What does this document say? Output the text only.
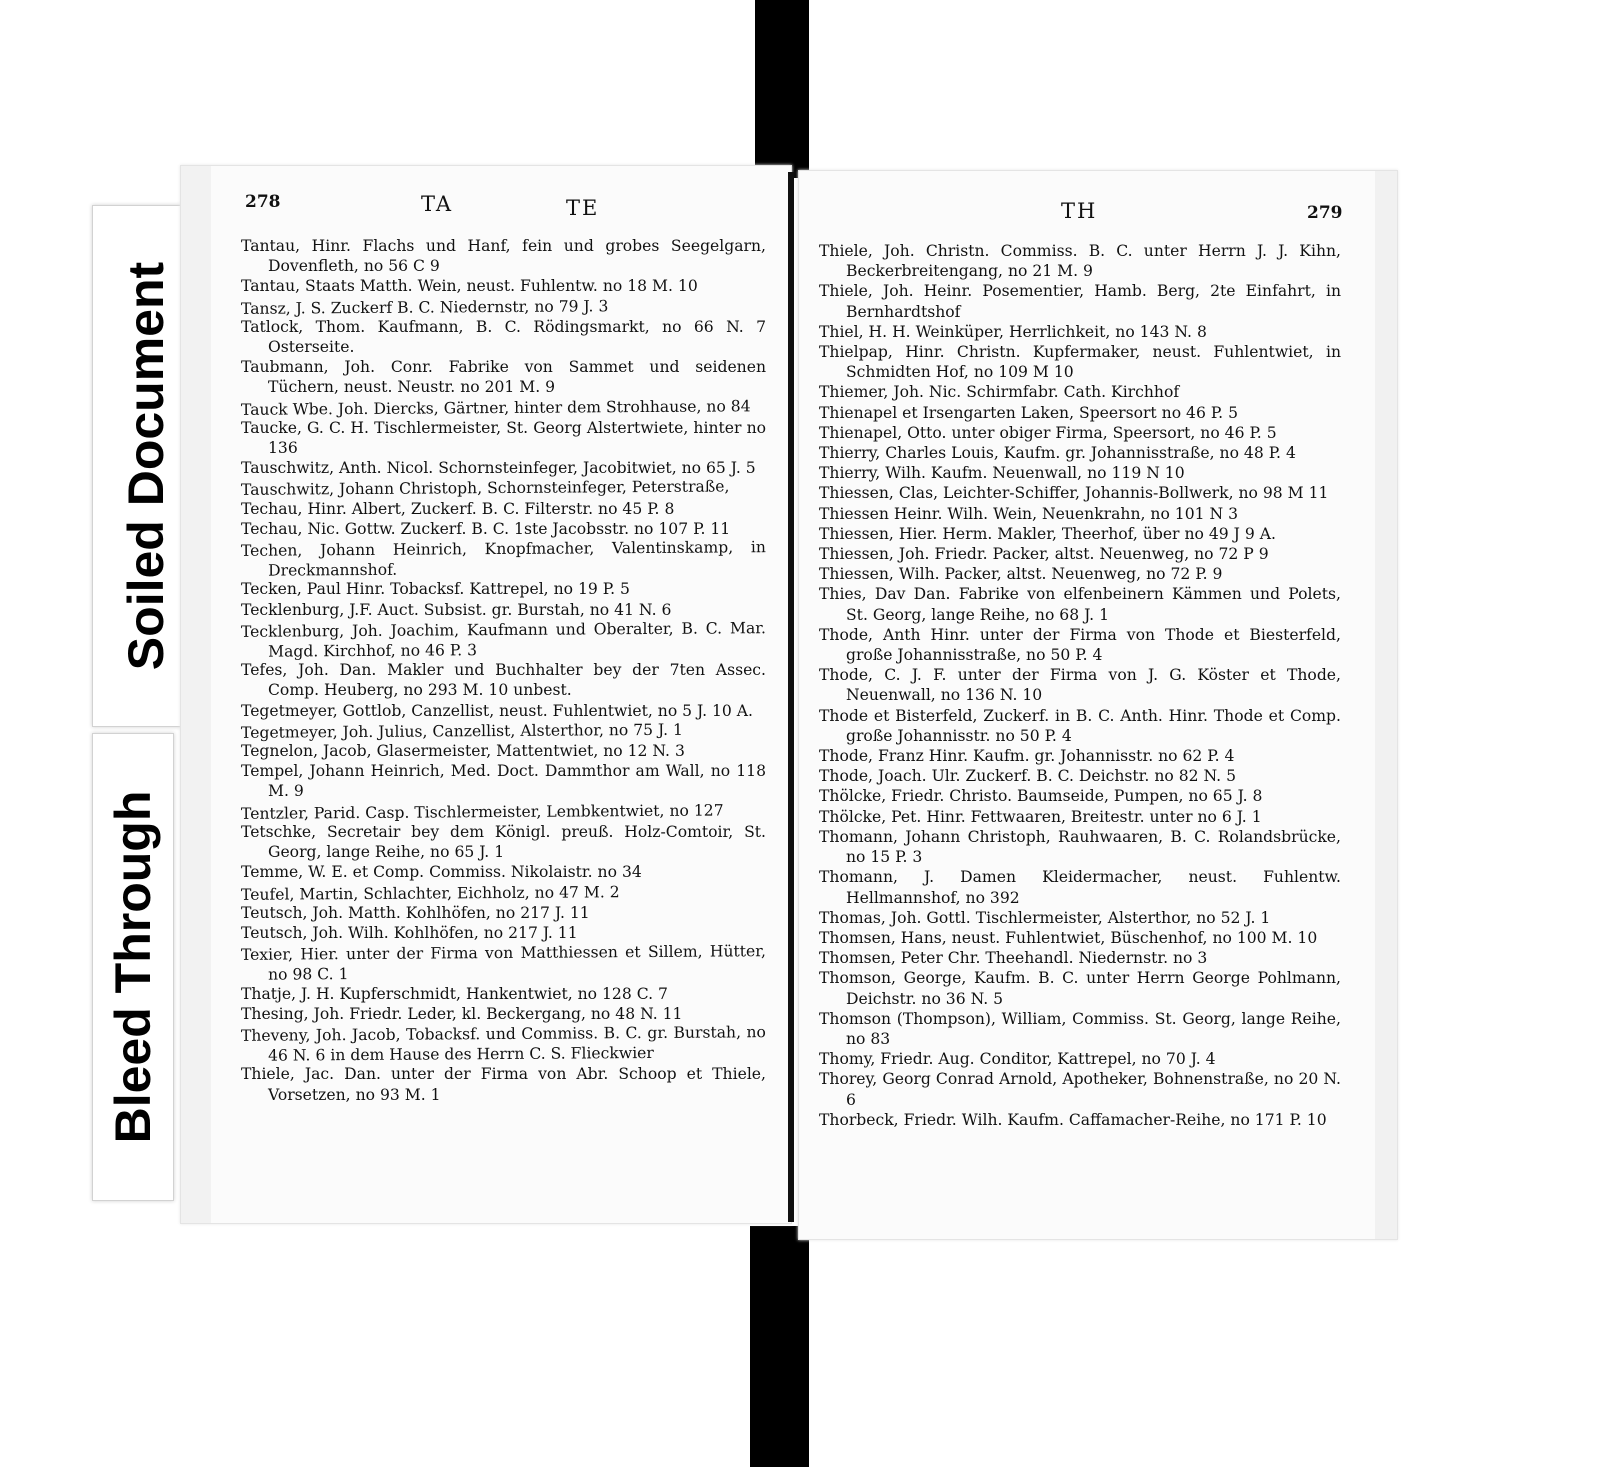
Soiled Document
Bleed Through
278	TA	TE

Tantau, Hinr. Flachs und Hanf, fein und grobes Seegelgarn, Dovenfleth, no 56 C 9

Tantau, Staats Matth. Wein, neust. Fuhlentw. no 18 M. 10

Tansz, J. S. Zuckerf B. C. Niedernstr, no 79 J. 3

Tatlock, Thom. Kaufmann, B. C. Rödingsmarkt, no 66 N. 7 Osterseite.

Taubmann, Joh. Conr. Fabrike von Sammet und seidenen Tüchern, neust. Neustr. no 201 M. 9

Tauck Wbe. Joh. Diercks, Gärtner, hinter dem Strohhause, no 84

Taucke, G. C. H. Tischlermeister, St. Georg Alstertwiete, hinter no 136

Tauschwitz, Anth. Nicol. Schornsteinfeger, Jacobitwiet, no 65 J. 5

Tauschwitz, Johann Christoph, Schornsteinfeger, Peterstraße,

Techau, Hinr. Albert, Zuckerf. B. C. Filterstr. no 45 P. 8

Techau, Nic. Gottw. Zuckerf. B. C. 1ste Jacobsstr. no 107 P. 11

Techen, Johann Heinrich, Knopfmacher, Valentinskamp, in Dreckmannshof.

Tecken, Paul Hinr. Tobacksf. Kattrepel, no 19 P. 5

Tecklenburg, J.F. Auct. Subsist. gr. Burstah, no 41 N. 6

Tecklenburg, Joh. Joachim, Kaufmann und Oberalter, B. C. Mar. Magd. Kirchhof, no 46 P. 3

Tefes, Joh. Dan. Makler und Buchhalter bey der 7ten Assec. Comp. Heuberg, no 293 M. 10 unbest.

Tegetmeyer, Gottlob, Canzellist, neust. Fuhlentwiet, no 5 J. 10 A.

Tegetmeyer, Joh. Julius, Canzellist, Alsterthor, no 75 J. 1

Tegnelon, Jacob, Glasermeister, Mattentwiet, no 12 N. 3

Tempel, Johann Heinrich, Med. Doct. Dammthor am Wall, no 118 M. 9

Tentzler, Parid. Casp. Tischlermeister, Lembkentwiet, no 127

Tetschke, Secretair bey dem Königl. preuß. Holz-Comtoir, St. Georg, lange Reihe, no 65 J. 1

Temme, W. E. et Comp. Commiss. Nikolaistr. no 34

Teufel, Martin, Schlachter, Eichholz, no 47 M. 2

Teutsch, Joh. Matth. Kohlhöfen, no 217 J. 11

Teutsch, Joh. Wilh. Kohlhöfen, no 217 J. 11

Texier, Hier. unter der Firma von Matthiessen et Sillem, Hütter, no 98 C. 1

Thatje, J. H. Kupferschmidt, Hankentwiet, no 128 C. 7

Thesing, Joh. Friedr. Leder, kl. Beckergang, no 48 N. 11

Theveny, Joh. Jacob, Tobacksf. und Commiss. B. C. gr. Burstah, no 46 N. 6 in dem Hause des Herrn C. S. Flieckwier

Thiele, Jac. Dan. unter der Firma von Abr. Schoop et Thiele, Vorsetzen, no 93 M. 1

TH	279

Thiele, Joh. Christn. Commiss. B. C. unter Herrn J. J. Kihn, Beckerbreitengang, no 21 M. 9

Thiele, Joh. Heinr. Posementier, Hamb. Berg, 2te Einfahrt, in Bernhardtshof

Thiel, H. H. Weinküper, Herrlichkeit, no 143 N. 8

Thielpap, Hinr. Christn. Kupfermaker, neust. Fuhlentwiet, in Schmidten Hof, no 109 M 10

Thiemer, Joh. Nic. Schirmfabr. Cath. Kirchhof

Thienapel et Irsengarten Laken, Speersort no 46 P. 5

Thienapel, Otto. unter obiger Firma, Speersort, no 46 P. 5

Thierry, Charles Louis, Kaufm. gr. Johannisstraße, no 48 P. 4

Thierry, Wilh. Kaufm. Neuenwall, no 119 N 10

Thiessen, Clas, Leichter-Schiffer, Johannis-Bollwerk, no 98 M 11

Thiessen Heinr. Wilh. Wein, Neuenkrahn, no 101 N 3

Thiessen, Hier. Herm. Makler, Theerhof, über no 49 J 9 A.

Thiessen, Joh. Friedr. Packer, altst. Neuenweg, no 72 P 9

Thiessen, Wilh. Packer, altst. Neuenweg, no 72 P. 9

Thies, Dav Dan. Fabrike von elfenbeinern Kämmen und Polets, St. Georg, lange Reihe, no 68 J. 1

Thode, Anth Hinr. unter der Firma von Thode et Biesterfeld, große Johannisstraße, no 50 P. 4

Thode, C. J. F. unter der Firma von J. G. Köster et Thode, Neuenwall, no 136 N. 10

Thode et Bisterfeld, Zuckerf. in B. C. Anth. Hinr. Thode et Comp. große Johannisstr. no 50 P. 4

Thode, Franz Hinr. Kaufm. gr. Johannisstr. no 62 P. 4

Thode, Joach. Ulr. Zuckerf. B. C. Deichstr. no 82 N. 5

Thölcke, Friedr. Christo. Baumseide, Pumpen, no 65 J. 8

Thölcke, Pet. Hinr. Fettwaaren, Breitestr. unter no 6 J. 1

Thomann, Johann Christoph, Rauhwaaren, B. C. Rolandsbrücke, no 15 P. 3

Thomann, J. Damen Kleidermacher, neust. Fuhlentw. Hellmannshof, no 392

Thomas, Joh. Gottl. Tischlermeister, Alsterthor, no 52 J. 1

Thomsen, Hans, neust. Fuhlentwiet, Büschenhof, no 100 M. 10

Thomsen, Peter Chr. Theehandl. Niedernstr. no 3

Thomson, George, Kaufm. B. C. unter Herrn George Pohlmann, Deichstr. no 36 N. 5

Thomson (Thompson), William, Commiss. St. Georg, lange Reihe, no 83

Thomy, Friedr. Aug. Conditor, Kattrepel, no 70 J. 4

Thorey, Georg Conrad Arnold, Apotheker, Bohnenstraße, no 20 N. 6

Thorbeck, Friedr. Wilh. Kaufm. Caffamacher-Reihe, no 171 P. 10
